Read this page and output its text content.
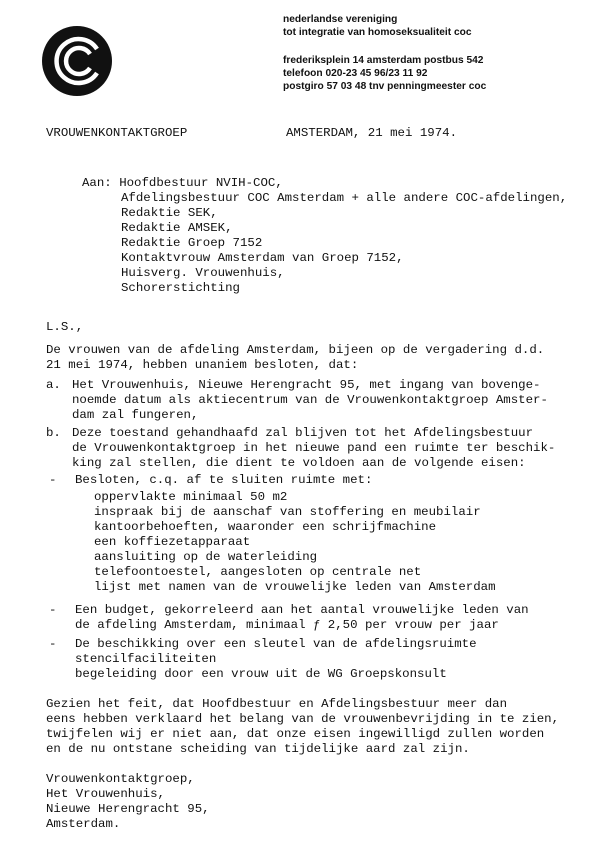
nederlandse vereniging
tot integratie van homoseksualiteit coc
frederiksplein 14 amsterdam postbus 542
telefoon 020-23 45 96/23 11 92
postgiro 57 03 48 tnv penningmeester coc
VROUWENKONTAKTGROEP	AMSTERDAM, 21 mei 1974.
Aan: Hoofdbestuur NVIH-COC,
Afdelingsbestuur COC Amsterdam + alle andere COC-afdelingen,
Redaktie SEK,
Redaktie AMSEK,
Redaktie Groep 7152
Kontaktvrouw Amsterdam van Groep 7152,
Huisverg. Vrouwenhuis,
Schorerstichting
L.S.,
De vrouwen van de afdeling Amsterdam, bijeen op de vergadering d.d.
21 mei 1974, hebben unaniem besloten, dat:
a. Het Vrouwenhuis, Nieuwe Herengracht 95, met ingang van bovenge-
noemde datum als aktiecentrum van de Vrouwenkontaktgroep Amster-
dam zal fungeren,
b. Deze toestand gehandhaafd zal blijven tot het Afdelingsbestuur
de Vrouwenkontaktgroep in het nieuwe pand een ruimte ter beschik-
king zal stellen, die dient te voldoen aan de volgende eisen:
- Besloten, c.q. af te sluiten ruimte met:
oppervlakte minimaal 50 m2
inspraak bij de aanschaf van stoffering en meubilair
kantoorbehoeften, waaronder een schrijfmachine
een koffiezetapparaat
aansluiting op de waterleiding
telefoontoestel, aangesloten op centrale net
lijst met namen van de vrouwelijke leden van Amsterdam
- Een budget, gekorreleerd aan het aantal vrouwelijke leden van
de afdeling Amsterdam, minimaal ƒ 2,50 per vrouw per jaar
- De beschikking over een sleutel van de afdelingsruimte
stencilfaciliteiten
begeleiding door een vrouw uit de WG Groepskonsult
Gezien het feit, dat Hoofdbestuur en Afdelingsbestuur meer dan
eens hebben verklaard het belang van de vrouwenbevrijding in te zien,
twijfelen wij er niet aan, dat onze eisen ingewilligd zullen worden
en de nu ontstane scheiding van tijdelijke aard zal zijn.
Vrouwenkontaktgroep,
Het Vrouwenhuis,
Nieuwe Herengracht 95,
Amsterdam.
